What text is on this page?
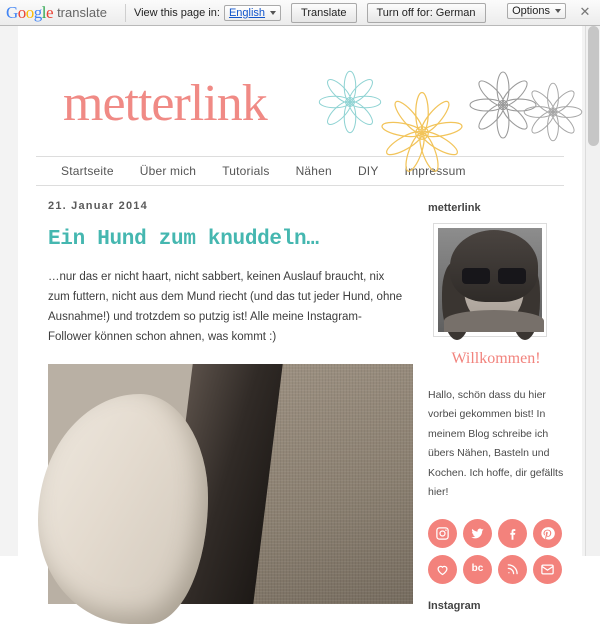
Google translate View this page in: English	Translate	Turn off for: German	Options ✕
metterlink
Startseite	Über mich	Tutorials	Nähen	DIY	Impressum
21. Januar 2014
Ein Hund zum knuddeln…

…nur das er nicht haart, nicht sabbert, keinen Auslauf braucht, nix zum futtern, nicht aus dem Mund riecht (und das tut jeder Hund, ohne Ausnahme!) und trotzdem so putzig ist! Alle meine Instagram-Follower können schon ahnen, was kommt :)

metterlink
Willkommen!
Hallo, schön dass du hier vorbei gekommen bist! In meinem Blog schreibe ich übers Nähen, Basteln und Kochen. Ich hoffe, dir gefällts hier!
bc
Instagram
